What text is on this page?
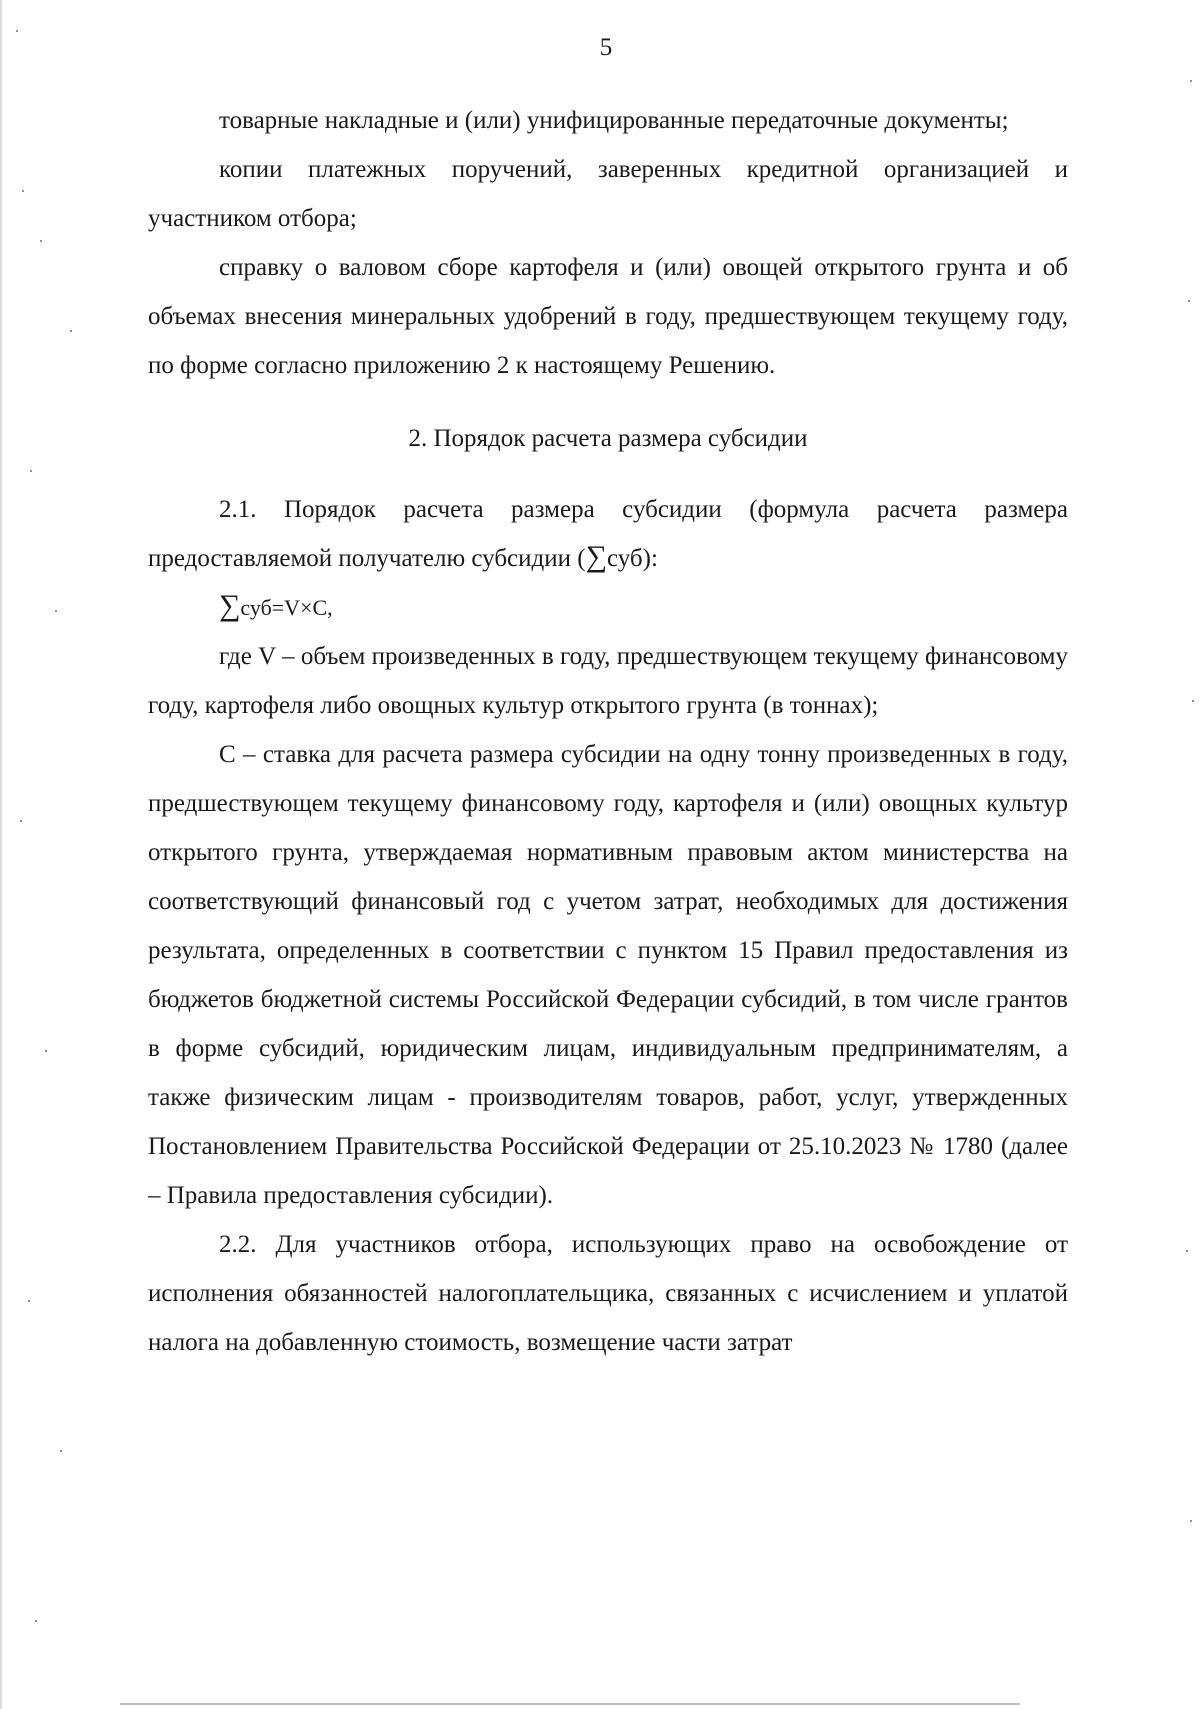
5

товарные накладные и (или) унифицированные передаточные документы;

копии платежных поручений, заверенных кредитной организацией и участником отбора;

справку о валовом сборе картофеля и (или) овощей открытого грунта и об объемах внесения минеральных удобрений в году, предшествующем текущему году, по форме согласно приложению 2 к настоящему Решению.

2. Порядок расчета размера субсидии

2.1. Порядок расчета размера субсидии (формула расчета размера предоставляемой получателю субсидии (∑суб):

∑суб=V×C,

где V – объем произведенных в году, предшествующем текущему финансовому году, картофеля либо овощных культур открытого грунта (в тоннах);

С – ставка для расчета размера субсидии на одну тонну произведенных в году, предшествующем текущему финансовому году, картофеля и (или) овощных культур открытого грунта, утверждаемая нормативным правовым актом министерства на соответствующий финансовый год с учетом затрат, необходимых для достижения результата, определенных в соответствии с пунктом 15 Правил предоставления из бюджетов бюджетной системы Российской Федерации субсидий, в том числе грантов в форме субсидий, юридическим лицам, индивидуальным предпринимателям, а также физическим лицам - производителям товаров, работ, услуг, утвержденных Постановлением Правительства Российской Федерации от 25.10.2023 № 1780 (далее – Правила предоставления субсидии).

2.2. Для участников отбора, использующих право на освобождение от исполнения обязанностей налогоплательщика, связанных с исчислением и уплатой налога на добавленную стоимость, возмещение части затрат
